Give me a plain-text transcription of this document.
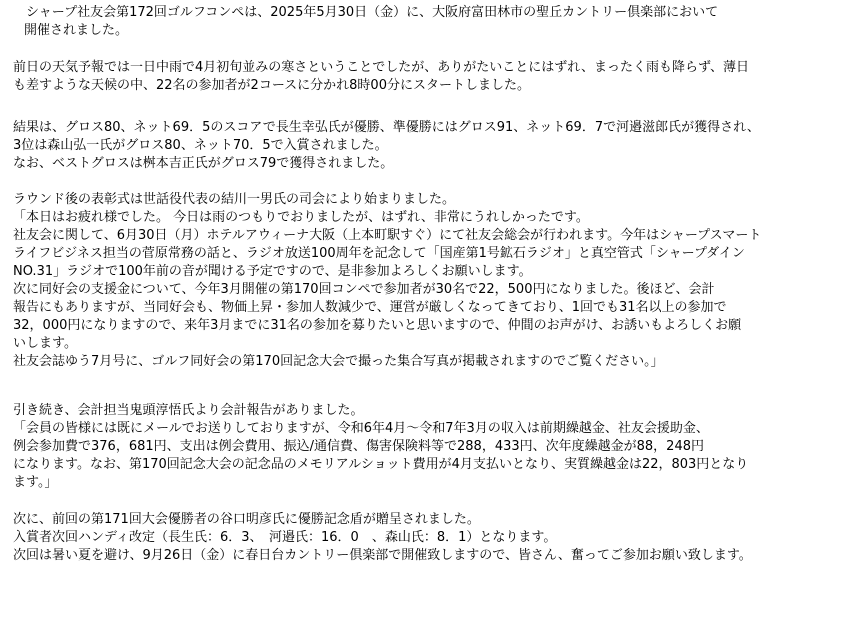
　シャープ社友会第172回ゴルフコンペは、2025年5月30日（金）に、大阪府富田林市の聖丘カントリー倶楽部において
開催されました。
前日の天気予報では一日中雨で4月初旬並みの寒さということでしたが、ありがたいことにはずれ、まったく雨も降らず、薄日
も差すような天候の中、22名の参加者が2コースに分かれ8時00分にスタートしました。
結果は、グロス80、ネット69．5のスコアで長生幸弘氏が優勝、準優勝にはグロス91、ネット69．7で河邉滋郎氏が獲得され、
3位は森山弘一氏がグロス80、ネット70．5で入賞されました。
なお、ベストグロスは桝本吉正氏がグロス79で獲得されました。
ラウンド後の表彰式は世話役代表の結川一男氏の司会により始まりました。
「本日はお疲れ様でした。 今日は雨のつもりでおりましたが、はずれ、非常にうれしかったです。
社友会に関して、6月30日（月）ホテルアウィーナ大阪（上本町駅すぐ）にて社友会総会が行われます。今年はシャープスマート
ライフビジネス担当の菅原常務の話と、ラジオ放送100周年を記念して「国産第1号鉱石ラジオ」と真空管式「シャープダイン
NO.31」ラジオで100年前の音が聞ける予定ですので、是非参加よろしくお願いします。
次に同好会の支援金について、今年3月開催の第170回コンペで参加者が30名で22，500円になりました。後ほど、会計
報告にもありますが、当同好会も、物価上昇・参加人数減少で、運営が厳しくなってきており、1回でも31名以上の参加で
32，000円になりますので、来年3月までに31名の参加を募りたいと思いますので、仲間のお声がけ、お誘いもよろしくお願
いします。
社友会誌ゆう7月号に、ゴルフ同好会の第170回記念大会で撮った集合写真が掲載されますのでご覧ください。」
引き続き、会計担当鬼頭淳悟氏より会計報告がありました。
「会員の皆様には既にメールでお送りしておりますが、令和6年4月～令和7年3月の収入は前期繰越金、社友会援助金、
例会参加費で376，681円、支出は例会費用、振込/通信費、傷害保険料等で288，433円、次年度繰越金が88，248円
になります。なお、第170回記念大会の記念品のメモリアルショット費用が4月支払いとなり、実質繰越金は22，803円となり
ます。」
次に、前回の第171回大会優勝者の谷口明彦氏に優勝記念盾が贈呈されました。
入賞者次回ハンディ改定（長生氏：6．3、　河邉氏：16．0　、森山氏：8．1）となります。
次回は暑い夏を避け、9月26日（金）に春日台カントリー倶楽部で開催致しますので、皆さん、奮ってご参加お願い致します。
